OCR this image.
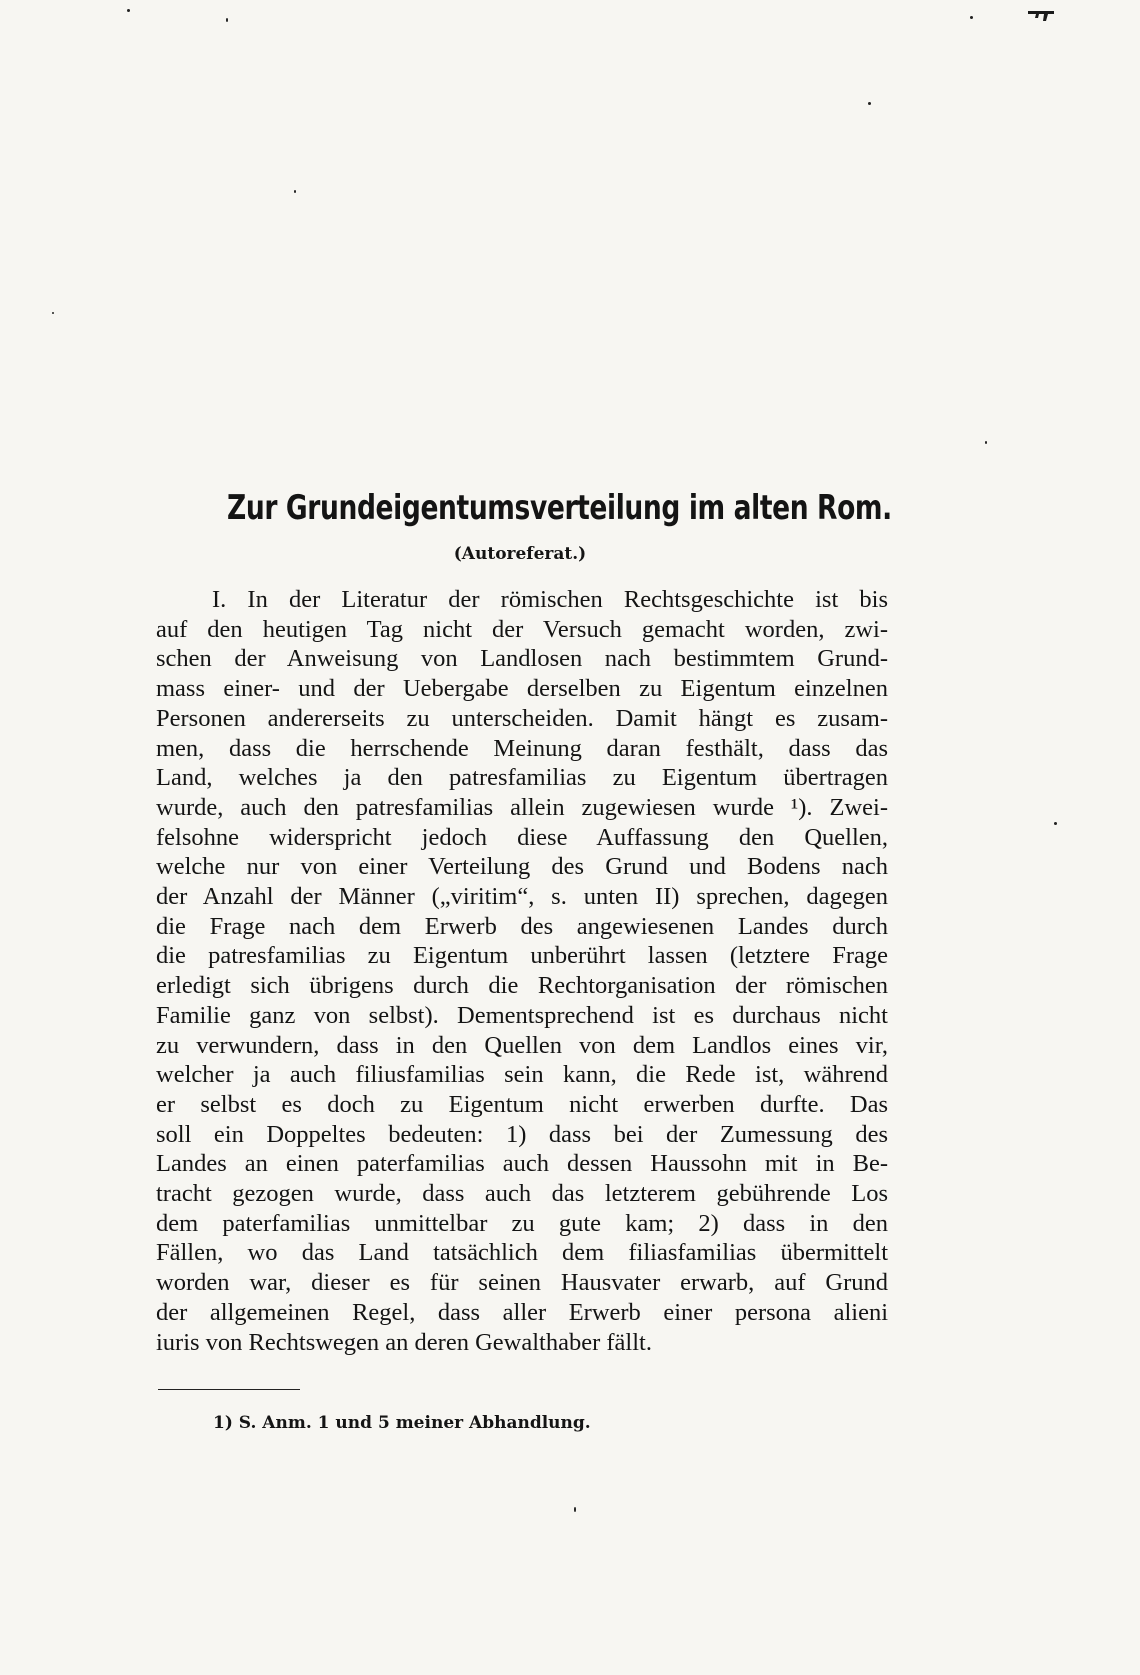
Zur Grundeigentumsverteilung im alten Rom.
(Autoreferat.)
I. In der Literatur der römischen Rechtsgeschichte ist bis
auf den heutigen Tag nicht der Versuch gemacht worden, zwi-
schen der Anweisung von Landlosen nach bestimmtem Grund-
mass einer- und der Uebergabe derselben zu Eigentum einzelnen
Personen andererseits zu unterscheiden. Damit hängt es zusam-
men, dass die herrschende Meinung daran festhält, dass das
Land, welches ja den patresfamilias zu Eigentum übertragen
wurde, auch den patresfamilias allein zugewiesen wurde ¹). Zwei-
felsohne widerspricht jedoch diese Auffassung den Quellen,
welche nur von einer Verteilung des Grund und Bodens nach
der Anzahl der Männer („viritim“, s. unten II) sprechen, dagegen
die Frage nach dem Erwerb des angewiesenen Landes durch
die patresfamilias zu Eigentum unberührt lassen (letztere Frage
erledigt sich übrigens durch die Rechtorganisation der römischen
Familie ganz von selbst). Dementsprechend ist es durchaus nicht
zu verwundern, dass in den Quellen von dem Landlos eines vir,
welcher ja auch filiusfamilias sein kann, die Rede ist, während
er selbst es doch zu Eigentum nicht erwerben durfte. Das
soll ein Doppeltes bedeuten: 1) dass bei der Zumessung des
Landes an einen paterfamilias auch dessen Haussohn mit in Be-
tracht gezogen wurde, dass auch das letzterem gebührende Los
dem paterfamilias unmittelbar zu gute kam; 2) dass in den
Fällen, wo das Land tatsächlich dem filiasfamilias übermittelt
worden war, dieser es für seinen Hausvater erwarb, auf Grund
der allgemeinen Regel, dass aller Erwerb einer persona alieni
iuris von Rechtswegen an deren Gewalthaber fällt.
1) S. Anm. 1 und 5 meiner Abhandlung.
